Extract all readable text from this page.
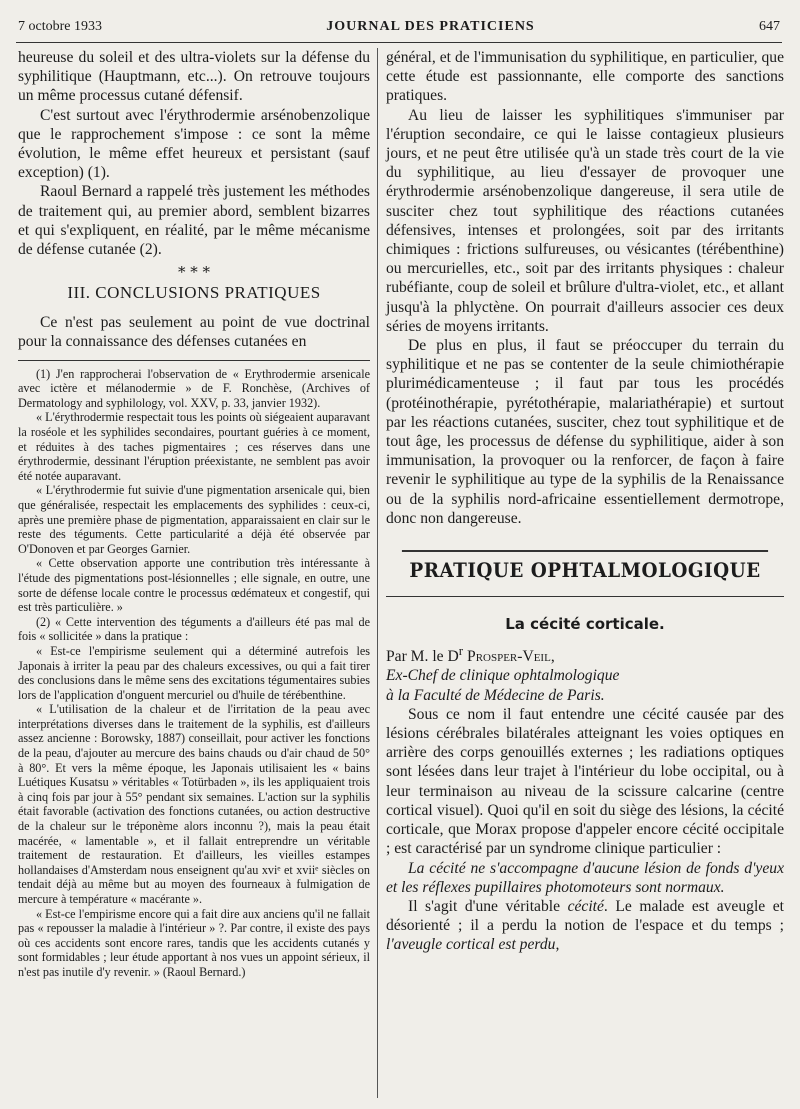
7 octobre 1933	JOURNAL DES PRATICIENS	647

heureuse du soleil et des ultra-violets sur la défense du syphilitique (Hauptmann, etc...). On retrouve toujours un même processus cutané défensif.

C'est surtout avec l'érythrodermie arsénobenzolique que le rapprochement s'impose : ce sont la même évolution, le même effet heureux et persistant (sauf exception) (1).

Raoul Bernard a rappelé très justement les méthodes de traitement qui, au premier abord, semblent bizarres et qui s'expliquent, en réalité, par le même mécanisme de défense cutanée (2).

* * *
III. CONCLUSIONS PRATIQUES

Ce n'est pas seulement au point de vue doctrinal pour la connaissance des défenses cutanées en

(1) J'en rapprocherai l'observation de « Erythrodermie arsenicale avec ictère et mélanodermie » de F. Ronchèse, (Archives of Dermatology and syphilology, vol. XXV, p. 33, janvier 1932).

« L'érythrodermie respectait tous les points où siégeaient auparavant la roséole et les syphilides secondaires, pourtant guéries à ce moment, et réduites à des taches pigmentaires ; ces réserves dans une érythrodermie, dessinant l'éruption préexistante, ne semblent pas avoir été notée auparavant.

« L'érythrodermie fut suivie d'une pigmentation arsenicale qui, bien que généralisée, respectait les emplacements des syphilides : ceux-ci, après une première phase de pigmentation, apparaissaient en clair sur le reste des téguments. Cette particularité a déjà été observée par O'Donoven et par Georges Garnier.

« Cette observation apporte une contribution très intéressante à l'étude des pigmentations post-lésionnelles ; elle signale, en outre, une sorte de défense locale contre le processus œdémateux et congestif, qui est très particulière. »

(2) « Cette intervention des téguments a d'ailleurs été pas mal de fois « sollicitée » dans la pratique :

« Est-ce l'empirisme seulement qui a déterminé autrefois les Japonais à irriter la peau par des chaleurs excessives, ou qui a fait tirer des conclusions dans le même sens des excitations tégumentaires subies lors de l'application d'onguent mercuriel ou d'huile de térébenthine.

« L'utilisation de la chaleur et de l'irritation de la peau avec interprétations diverses dans le traitement de la syphilis, est d'ailleurs assez ancienne : Borowsky, 1887) conseillait, pour activer les fonctions de la peau, d'ajouter au mercure des bains chauds ou d'air chaud de 50° à 80°. Et vers la même époque, les Japonais utilisaient les « bains Luétiques Kusatsu » véritables « Totürbaden », ils les appliquaient trois à cinq fois par jour à 55° pendant six semaines. L'action sur la syphilis était favorable (activation des fonctions cutanées, ou action destructive de la chaleur sur le tréponème alors inconnu ?), mais la peau était macérée, « lamentable », et il fallait entreprendre un véritable traitement de restauration. Et d'ailleurs, les vieilles estampes hollandaises d'Amsterdam nous enseignent qu'au xviᵉ et xviiᵉ siècles on tendait déjà au même but au moyen des fourneaux à fulmigation de mercure à température « macérante ».

« Est-ce l'empirisme encore qui a fait dire aux anciens qu'il ne fallait pas « repousser la maladie à l'intérieur » ?. Par contre, il existe des pays où ces accidents sont encore rares, tandis que les accidents cutanés y sont formidables ; leur étude apportant à nos vues un appoint sérieux, il n'est pas inutile d'y revenir. » (Raoul Bernard.)

général, et de l'immunisation du syphilitique, en particulier, que cette étude est passionnante, elle comporte des sanctions pratiques.

Au lieu de laisser les syphilitiques s'immuniser par l'éruption secondaire, ce qui le laisse contagieux plusieurs jours, et ne peut être utilisée qu'à un stade très court de la vie du syphilitique, au lieu d'essayer de provoquer une érythrodermie arsénobenzolique dangereuse, il sera utile de susciter chez tout syphilitique des réactions cutanées défensives, intenses et prolongées, soit par des irritants chimiques : frictions sulfureuses, ou vésicantes (térébenthine) ou mercurielles, etc., soit par des irritants physiques : chaleur rubéfiante, coup de soleil et brûlure d'ultra-violet, etc., et allant jusqu'à la phlyctène. On pourrait d'ailleurs associer ces deux séries de moyens irritants.

De plus en plus, il faut se préoccuper du terrain du syphilitique et ne pas se contenter de la seule chimiothérapie plurimédicamenteuse ; il faut par tous les procédés (protéinothérapie, pyrétothérapie, malariathérapie) et surtout par les réactions cutanées, susciter, chez tout syphilitique et de tout âge, les processus de défense du syphilitique, aider à son immunisation, la provoquer ou la renforcer, de façon à faire revenir le syphilitique au type de la syphilis de la Renaissance ou de la syphilis nord-africaine essentiellement dermotrope, donc non dangereuse.

PRATIQUE OPHTALMOLOGIQUE
La cécité corticale.

Par M. le $D^r$ Prosper-Veil,

Ex-Chef de clinique ophtalmologique
à la Faculté de Médecine de Paris.

Sous ce nom il faut entendre une cécité causée par des lésions cérébrales bilatérales atteignant les voies optiques en arrière des corps genouillés externes ; les radiations optiques sont lésées dans leur trajet à l'intérieur du lobe occipital, ou à leur terminaison au niveau de la scissure calcarine (centre cortical visuel). Quoi qu'il en soit du siège des lésions, la cécité corticale, que Morax propose d'appeler encore cécité occipitale ; est caractérisé par un syndrome clinique particulier :

La cécité ne s'accompagne d'aucune lésion de fonds d'yeux et les réflexes pupillaires photomoteurs sont normaux.

Il s'agit d'une véritable cécité. Le malade est aveugle et désorienté ; il a perdu la notion de l'espace et du temps ; l'aveugle cortical est perdu,
